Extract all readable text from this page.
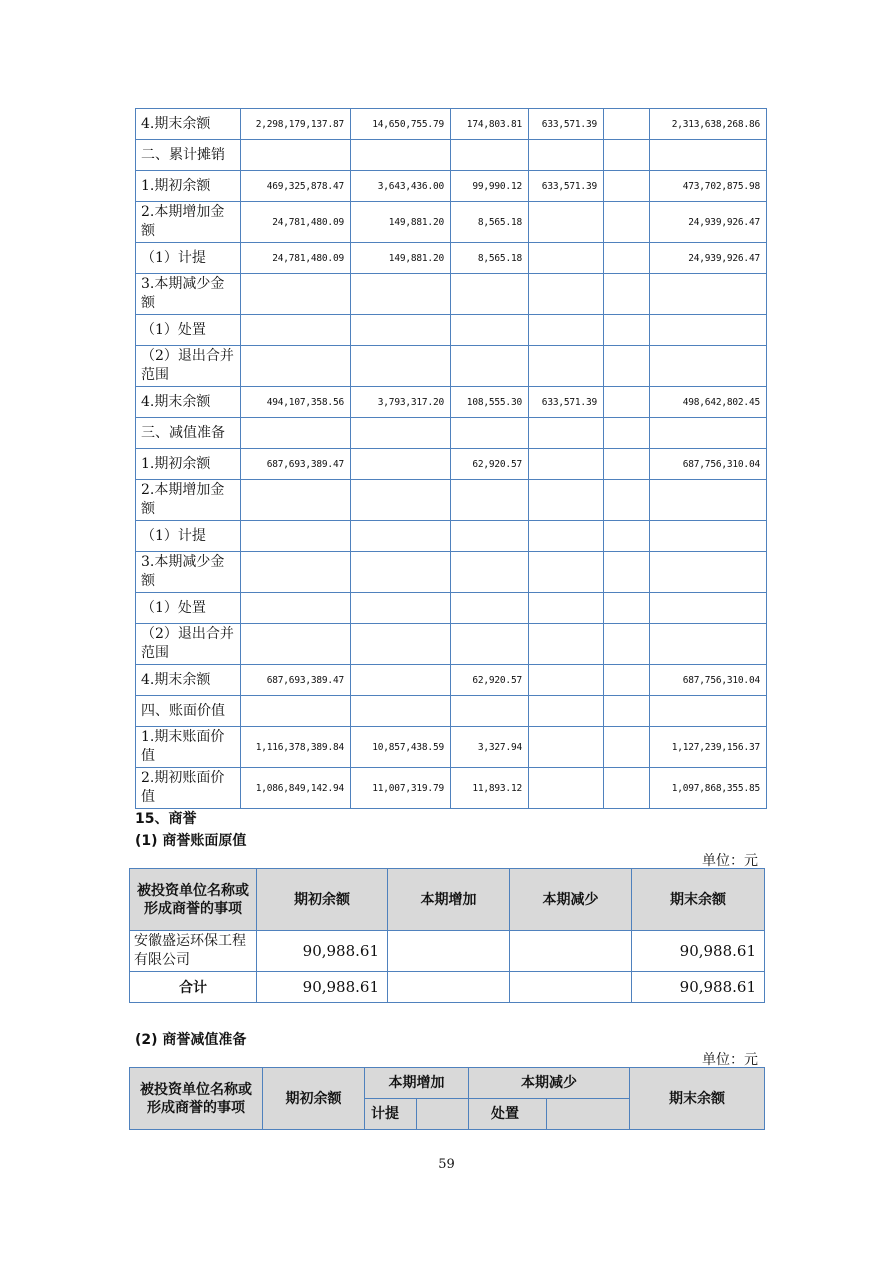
4.期末余额	2,298,179,137.87	14,650,755.79	174,803.81	633,571.39		2,313,638,268.86
二、累计摊销						
1.期初余额	469,325,878.47	3,643,436.00	99,990.12	633,571.39		473,702,875.98
2.本期增加金额	24,781,480.09	149,881.20	8,565.18			24,939,926.47
（1）计提	24,781,480.09	149,881.20	8,565.18			24,939,926.47
3.本期减少金额						
（1）处置						
（2）退出合并范围						
4.期末余额	494,107,358.56	3,793,317.20	108,555.30	633,571.39		498,642,802.45
三、减值准备						
1.期初余额	687,693,389.47		62,920.57			687,756,310.04
2.本期增加金额						
（1）计提						
3.本期减少金额						
（1）处置						
（2）退出合并范围						
4.期末余额	687,693,389.47		62,920.57			687,756,310.04
四、账面价值						
1.期末账面价值	1,116,378,389.84	10,857,438.59	3,327.94			1,127,239,156.37
2.期初账面价值	1,086,849,142.94	11,007,319.79	11,893.12			1,097,868,355.85
15、商誉
(1) 商誉账面原值
单位：元
被投资单位名称或形成商誉的事项	期初余额	本期增加	本期减少	期末余额
安徽盛运环保工程有限公司	90,988.61			90,988.61
合计	90,988.61			90,988.61
(2) 商誉减值准备
单位：元
被投资单位名称或形成商誉的事项	期初余额	本期增加		本期减少		期末余额
		计提		处置		
59
